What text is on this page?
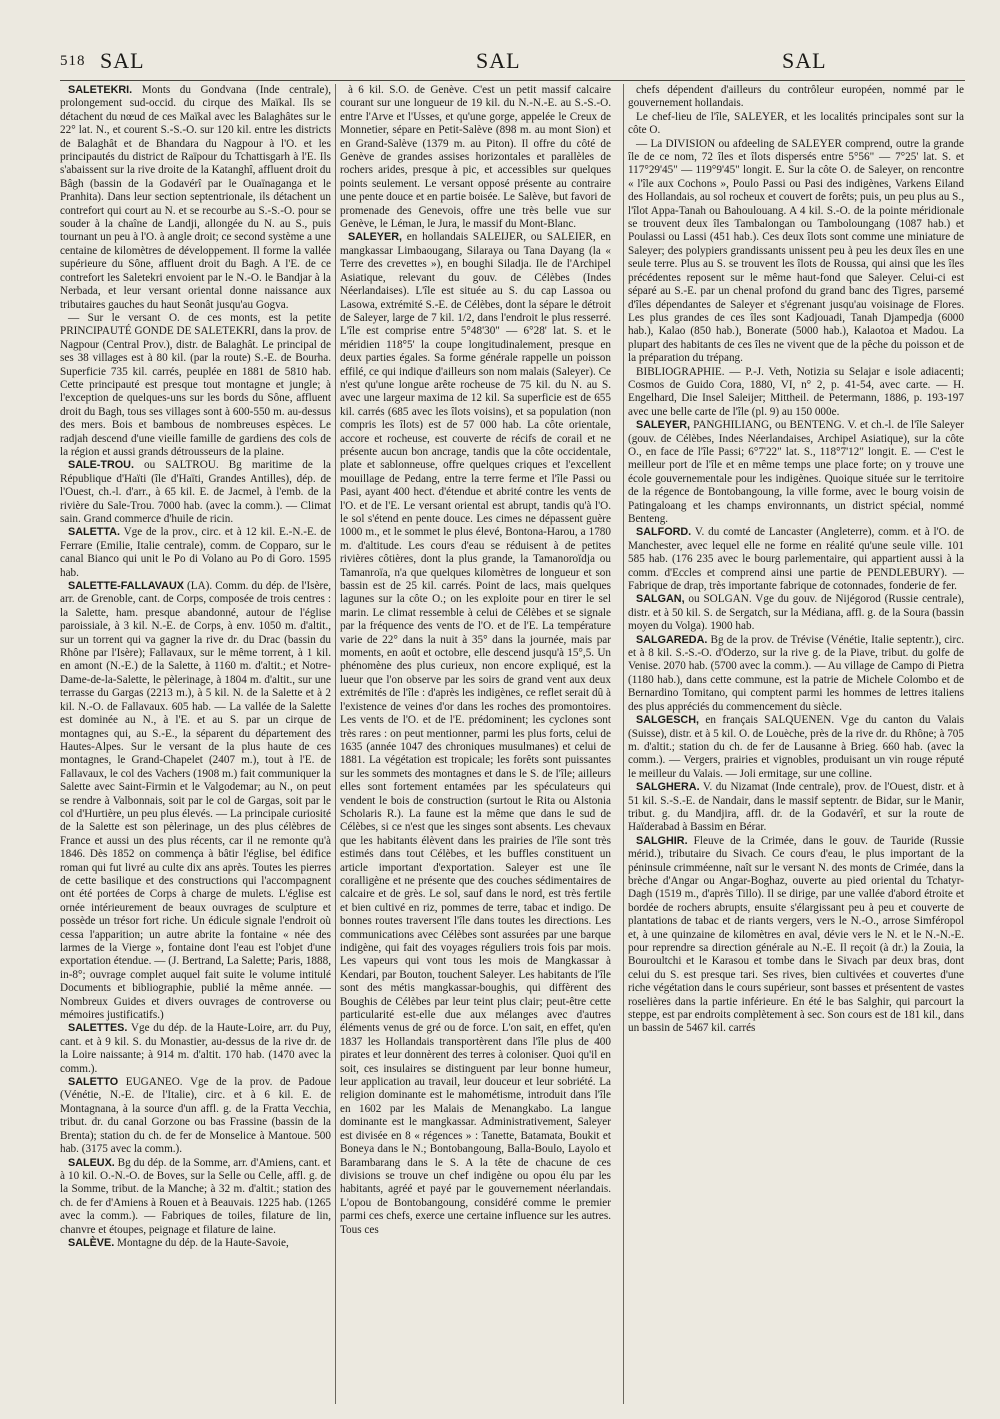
518 SAL	SAL	SAL

SALETEKRI. Monts du Gondvana (Inde centrale), prolongement sud-occid. du cirque des Maïkal. Ils se détachent du nœud de ces Maïkal avec les Balaghâtes sur le 22° lat. N., et courent S.-S.-O. sur 120 kil. entre les districts de Balaghât et de Bhandara du Nagpour à l'O. et les principautés du district de Raïpour du Tchattisgarh à l'E. Ils s'abaissent sur la rive droite de la Katanghî, affluent droit du Bâgh (bassin de la Godavérî par le Ouaïnaganga et le Pranhita). Dans leur section septentrionale, ils détachent un contrefort qui court au N. et se recourbe au S.-S.-O. pour se souder à la chaîne de Landji, allongée du N. au S., puis tournant un peu à l'O. à angle droit; ce second système a une centaine de kilomètres de développement. Il forme la vallée supérieure du Sône, affluent droit du Bagh. A l'E. de ce contrefort les Saletekri envoient par le N.-O. le Bandjar à la Nerbada, et leur versant oriental donne naissance aux tributaires gauches du haut Seonât jusqu'au Gogva.

— Sur le versant O. de ces monts, est la petite PRINCIPAUTÉ GONDE DE SALETEKRI, dans la prov. de Nagpour (Central Prov.), distr. de Balaghât. Le principal de ses 38 villages est à 80 kil. (par la route) S.-E. de Bourha. Superficie 735 kil. carrés, peuplée en 1881 de 5810 hab. Cette principauté est presque tout montagne et jungle; à l'exception de quelques-uns sur les bords du Sône, affluent droit du Bagh, tous ses villages sont à 600-550 m. au-dessus des mers. Bois et bambous de nombreuses espèces. Le radjah descend d'une vieille famille de gardiens des cols de la région et aussi grands détrousseurs de la plaine.

SALE-TROU. ou SALTROU. Bg maritime de la République d'Haïti (île d'Haïti, Grandes Antilles), dép. de l'Ouest, ch.-l. d'arr., à 65 kil. E. de Jacmel, à l'emb. de la rivière du Sale-Trou. 7000 hab. (avec la comm.). — Climat sain. Grand commerce d'huile de ricin.

SALETTA. Vge de la prov., circ. et à 12 kil. E.-N.-E. de Ferrare (Emilie, Italie centrale), comm. de Copparo, sur le canal Bianco qui unit le Po di Volano au Po di Goro. 1595 hab.

SALETTE-FALLAVAUX (LA). Comm. du dép. de l'Isère, arr. de Grenoble, cant. de Corps, composée de trois centres : la Salette, ham. presque abandonné, autour de l'église paroissiale, à 3 kil. N.-E. de Corps, à env. 1050 m. d'altit., sur un torrent qui va gagner la rive dr. du Drac (bassin du Rhône par l'Isère); Fallavaux, sur le même torrent, à 1 kil. en amont (N.-E.) de la Salette, à 1160 m. d'altit.; et Notre-Dame-de-la-Salette, le pèlerinage, à 1804 m. d'altit., sur une terrasse du Gargas (2213 m.), à 5 kil. N. de la Salette et à 2 kil. N.-O. de Fallavaux. 605 hab. — La vallée de la Salette est dominée au N., à l'E. et au S. par un cirque de montagnes qui, au S.-E., la séparent du département des Hautes-Alpes. Sur le versant de la plus haute de ces montagnes, le Grand-Chapelet (2407 m.), tout à l'E. de Fallavaux, le col des Vachers (1908 m.) fait communiquer la Salette avec Saint-Firmin et le Valgodemar; au N., on peut se rendre à Valbonnais, soit par le col de Gargas, soit par le col d'Hurtière, un peu plus élevés. — La principale curiosité de la Salette est son pèlerinage, un des plus célèbres de France et aussi un des plus récents, car il ne remonte qu'à 1846. Dès 1852 on commença à bâtir l'église, bel édifice roman qui fut livré au culte dix ans après. Toutes les pierres de cette basilique et des constructions qui l'accompagnent ont été portées de Corps à charge de mulets. L'église est ornée intérieurement de beaux ouvrages de sculpture et possède un trésor fort riche. Un édicule signale l'endroit où cessa l'apparition; un autre abrite la fontaine « née des larmes de la Vierge », fontaine dont l'eau est l'objet d'une exportation étendue. — (J. Bertrand, La Salette; Paris, 1888, in-8°; ouvrage complet auquel fait suite le volume intitulé Documents et bibliographie, publié la même année. — Nombreux Guides et divers ouvrages de controverse ou mémoires justificatifs.)

SALETTES. Vge du dép. de la Haute-Loire, arr. du Puy, cant. et à 9 kil. S. du Monastier, au-dessus de la rive dr. de la Loire naissante; à 914 m. d'altit. 170 hab. (1470 avec la comm.).

SALETTO EUGANEO. Vge de la prov. de Padoue (Vénétie, N.-E. de l'Italie), circ. et à 6 kil. E. de Montagnana, à la source d'un affl. g. de la Fratta Vecchia, tribut. dr. du canal Gorzone ou bas Frassine (bassin de la Brenta); station du ch. de fer de Monselice à Mantoue. 500 hab. (3175 avec la comm.).

SALEUX. Bg du dép. de la Somme, arr. d'Amiens, cant. et à 10 kil. O.-N.-O. de Boves, sur la Selle ou Celle, affl. g. de la Somme, tribut. de la Manche; à 32 m. d'altit.; station des ch. de fer d'Amiens à Rouen et à Beauvais. 1225 hab. (1265 avec la comm.). — Fabriques de toiles, filature de lin, chanvre et étoupes, peignage et filature de laine.

SALÈVE. Montagne du dép. de la Haute-Savoie,

à 6 kil. S.O. de Genève. C'est un petit massif calcaire courant sur une longueur de 19 kil. du N.-N.-E. au S.-S.-O. entre l'Arve et l'Usses, et qu'une gorge, appelée le Creux de Monnetier, sépare en Petit-Salève (898 m. au mont Sion) et en Grand-Salève (1379 m. au Piton). Il offre du côté de Genève de grandes assises horizontales et parallèles de rochers arides, presque à pic, et accessibles sur quelques points seulement. Le versant opposé présente au contraire une pente douce et en partie boisée. Le Salève, but favori de promenade des Genevois, offre une très belle vue sur Genève, le Léman, le Jura, le massif du Mont-Blanc.

SALEYER, en hollandais SALEIJER, ou SALEIER, en mangkassar Limbaougang, Silaraya ou Tana Dayang (la « Terre des crevettes »), en boughi Siladja. Ile de l'Archipel Asiatique, relevant du gouv. de Célèbes (Indes Néerlandaises). L'île est située au S. du cap Lassoa ou Lasowa, extrémité S.-E. de Célèbes, dont la sépare le détroit de Saleyer, large de 7 kil. 1/2, dans l'endroit le plus resserré. L'île est comprise entre 5°48'30" — 6°28' lat. S. et le méridien 118°5' la coupe longitudinalement, presque en deux parties égales. Sa forme générale rappelle un poisson effilé, ce qui indique d'ailleurs son nom malais (Saleyer). Ce n'est qu'une longue arête rocheuse de 75 kil. du N. au S. avec une largeur maxima de 12 kil. Sa superficie est de 655 kil. carrés (685 avec les îlots voisins), et sa population (non compris les îlots) est de 57 000 hab. La côte orientale, accore et rocheuse, est couverte de récifs de corail et ne présente aucun bon ancrage, tandis que la côte occidentale, plate et sablonneuse, offre quelques criques et l'excellent mouillage de Pedang, entre la terre ferme et l'île Passi ou Pasi, ayant 400 hect. d'étendue et abrité contre les vents de l'O. et de l'E. Le versant oriental est abrupt, tandis qu'à l'O. le sol s'étend en pente douce. Les cimes ne dépassent guère 1000 m., et le sommet le plus élevé, Bontona-Harou, a 1780 m. d'altitude. Les cours d'eau se réduisent à de petites rivières côtières, dont la plus grande, la Tamanoroïdja ou Tamanroïa, n'a que quelques kilomètres de longueur et son bassin est de 25 kil. carrés. Point de lacs, mais quelques lagunes sur la côte O.; on les exploite pour en tirer le sel marin. Le climat ressemble à celui de Célèbes et se signale par la fréquence des vents de l'O. et de l'E. La température varie de 22° dans la nuit à 35° dans la journée, mais par moments, en août et octobre, elle descend jusqu'à 15°,5. Un phénomène des plus curieux, non encore expliqué, est la lueur que l'on observe par les soirs de grand vent aux deux extrémités de l'île : d'après les indigènes, ce reflet serait dû à l'existence de veines d'or dans les roches des promontoires. Les vents de l'O. et de l'E. prédominent; les cyclones sont très rares : on peut mentionner, parmi les plus forts, celui de 1635 (année 1047 des chroniques musulmanes) et celui de 1881. La végétation est tropicale; les forêts sont puissantes sur les sommets des montagnes et dans le S. de l'île; ailleurs elles sont fortement entamées par les spéculateurs qui vendent le bois de construction (surtout le Rita ou Alstonia Scholaris R.). La faune est la même que dans le sud de Célèbes, si ce n'est que les singes sont absents. Les chevaux que les habitants élèvent dans les prairies de l'île sont très estimés dans tout Célèbes, et les buffles constituent un article important d'exportation. Saleyer est une île coralligène et ne présente que des couches sédimentaires de calcaire et de grès. Le sol, sauf dans le nord, est très fertile et bien cultivé en riz, pommes de terre, tabac et indigo. De bonnes routes traversent l'île dans toutes les directions. Les communications avec Célèbes sont assurées par une barque indigène, qui fait des voyages réguliers trois fois par mois. Les vapeurs qui vont tous les mois de Mangkassar à Kendari, par Bouton, touchent Saleyer. Les habitants de l'île sont des métis mangkassar-boughis, qui diffèrent des Boughis de Célèbes par leur teint plus clair; peut-être cette particularité est-elle due aux mélanges avec d'autres éléments venus de gré ou de force. L'on sait, en effet, qu'en 1837 les Hollandais transportèrent dans l'île plus de 400 pirates et leur donnèrent des terres à coloniser. Quoi qu'il en soit, ces insulaires se distinguent par leur bonne humeur, leur application au travail, leur douceur et leur sobriété. La religion dominante est le mahométisme, introduit dans l'île en 1602 par les Malais de Menangkabo. La langue dominante est le mangkassar. Administrativement, Saleyer est divisée en 8 « régences » : Tanette, Batamata, Boukit et Boneya dans le N.; Bontobangoung, Balla-Boulo, Layolo et Barambarang dans le S. A la tête de chacune de ces divisions se trouve un chef indigène ou opou élu par les habitants, agréé et payé par le gouvernement néerlandais. L'opou de Bontobangoung, considéré comme le premier parmi ces chefs, exerce une certaine influence sur les autres. Tous ces

chefs dépendent d'ailleurs du contrôleur européen, nommé par le gouvernement hollandais.

Le chef-lieu de l'île, SALEYER, et les localités principales sont sur la côte O.

— La DIVISION ou afdeeling de SALEYER comprend, outre la grande île de ce nom, 72 îles et îlots dispersés entre 5°56" — 7°25' lat. S. et 117°29'45" — 119°9'45" longit. E. Sur la côte O. de Saleyer, on rencontre « l'île aux Cochons », Poulo Passi ou Pasi des indigènes, Varkens Eiland des Hollandais, au sol rocheux et couvert de forêts; puis, un peu plus au S., l'îlot Appa-Tanah ou Bahoulouang. A 4 kil. S.-O. de la pointe méridionale se trouvent deux îles Tambalongan ou Tamboloungang (1087 hab.) et Poulassi ou Lassi (451 hab.). Ces deux îlots sont comme une miniature de Saleyer; des polypiers grandissants unissent peu à peu les deux îles en une seule terre. Plus au S. se trouvent les îlots de Roussa, qui ainsi que les îles précédentes reposent sur le même haut-fond que Saleyer. Celui-ci est séparé au S.-E. par un chenal profond du grand banc des Tigres, parsemé d'îles dépendantes de Saleyer et s'égrenant jusqu'au voisinage de Flores. Les plus grandes de ces îles sont Kadjouadi, Tanah Djampedja (6000 hab.), Kalao (850 hab.), Bonerate (5000 hab.), Kalaotoa et Madou. La plupart des habitants de ces îles ne vivent que de la pêche du poisson et de la préparation du trépang.

BIBLIOGRAPHIE. — P.-J. Veth, Notizia su Selajar e isole adiacenti; Cosmos de Guido Cora, 1880, VI, n° 2, p. 41-54, avec carte. — H. Engelhard, Die Insel Saleijer; Mittheil. de Petermann, 1886, p. 193-197 avec une belle carte de l'île (pl. 9) au 150 000e.

SALEYER, PANGHILIANG, ou BENTENG. V. et ch.-l. de l'île Saleyer (gouv. de Célèbes, Indes Néerlandaises, Archipel Asiatique), sur la côte O., en face de l'île Passi; 6°7'22" lat. S., 118°7'12" longit. E. — C'est le meilleur port de l'île et en même temps une place forte; on y trouve une école gouvernementale pour les indigènes. Quoique située sur le territoire de la régence de Bontobangoung, la ville forme, avec le bourg voisin de Patingaloang et les champs environnants, un district spécial, nommé Benteng.

SALFORD. V. du comté de Lancaster (Angleterre), comm. et à l'O. de Manchester, avec lequel elle ne forme en réalité qu'une seule ville. 101 585 hab. (176 235 avec le bourg parlementaire, qui appartient aussi à la comm. d'Eccles et comprend ainsi une partie de PENDLEBURY). — Fabrique de drap, très importante fabrique de cotonnades, fonderie de fer.

SALGAN, ou SOLGAN. Vge du gouv. de Nijégorod (Russie centrale), distr. et à 50 kil. S. de Sergatch, sur la Médiana, affl. g. de la Soura (bassin moyen du Volga). 1900 hab.

SALGAREDA. Bg de la prov. de Trévise (Vénétie, Italie septentr.), circ. et à 8 kil. S.-S.-O. d'Oderzo, sur la rive g. de la Piave, tribut. du golfe de Venise. 2070 hab. (5700 avec la comm.). — Au village de Campo di Pietra (1180 hab.), dans cette commune, est la patrie de Michele Colombo et de Bernardino Tomitano, qui comptent parmi les hommes de lettres italiens des plus appréciés du commencement du siècle.

SALGESCH, en français SALQUENEN. Vge du canton du Valais (Suisse), distr. et à 5 kil. O. de Louèche, près de la rive dr. du Rhône; à 705 m. d'altit.; station du ch. de fer de Lausanne à Brieg. 660 hab. (avec la comm.). — Vergers, prairies et vignobles, produisant un vin rouge réputé le meilleur du Valais. — Joli ermitage, sur une colline.

SALGHERA. V. du Nizamat (Inde centrale), prov. de l'Ouest, distr. et à 51 kil. S.-S.-E. de Nandair, dans le massif septentr. de Bidar, sur le Manir, tribut. g. du Mandjira, affl. dr. de la Godavérî, et sur la route de Haïderabad à Bassim en Bérar.

SALGHIR. Fleuve de la Crimée, dans le gouv. de Tauride (Russie mérid.), tributaire du Sivach. Ce cours d'eau, le plus important de la péninsule crimméenne, naît sur le versant N. des monts de Crimée, dans la brèche d'Angar ou Angar-Boghaz, ouverte au pied oriental du Tchatyr-Dagh (1519 m., d'après Tillo). Il se dirige, par une vallée d'abord étroite et bordée de rochers abrupts, ensuite s'élargissant peu à peu et couverte de plantations de tabac et de riants vergers, vers le N.-O., arrose Simféropol et, à une quinzaine de kilomètres en aval, dévie vers le N. et le N.-N.-E. pour reprendre sa direction générale au N.-E. Il reçoit (à dr.) la Zouia, la Bouroultchi et le Karasou et tombe dans le Sivach par deux bras, dont celui du S. est presque tari. Ses rives, bien cultivées et couvertes d'une riche végétation dans le cours supérieur, sont basses et présentent de vastes roselières dans la partie inférieure. En été le bas Salghir, qui parcourt la steppe, est par endroits complètement à sec. Son cours est de 181 kil., dans un bassin de 5467 kil. carrés
